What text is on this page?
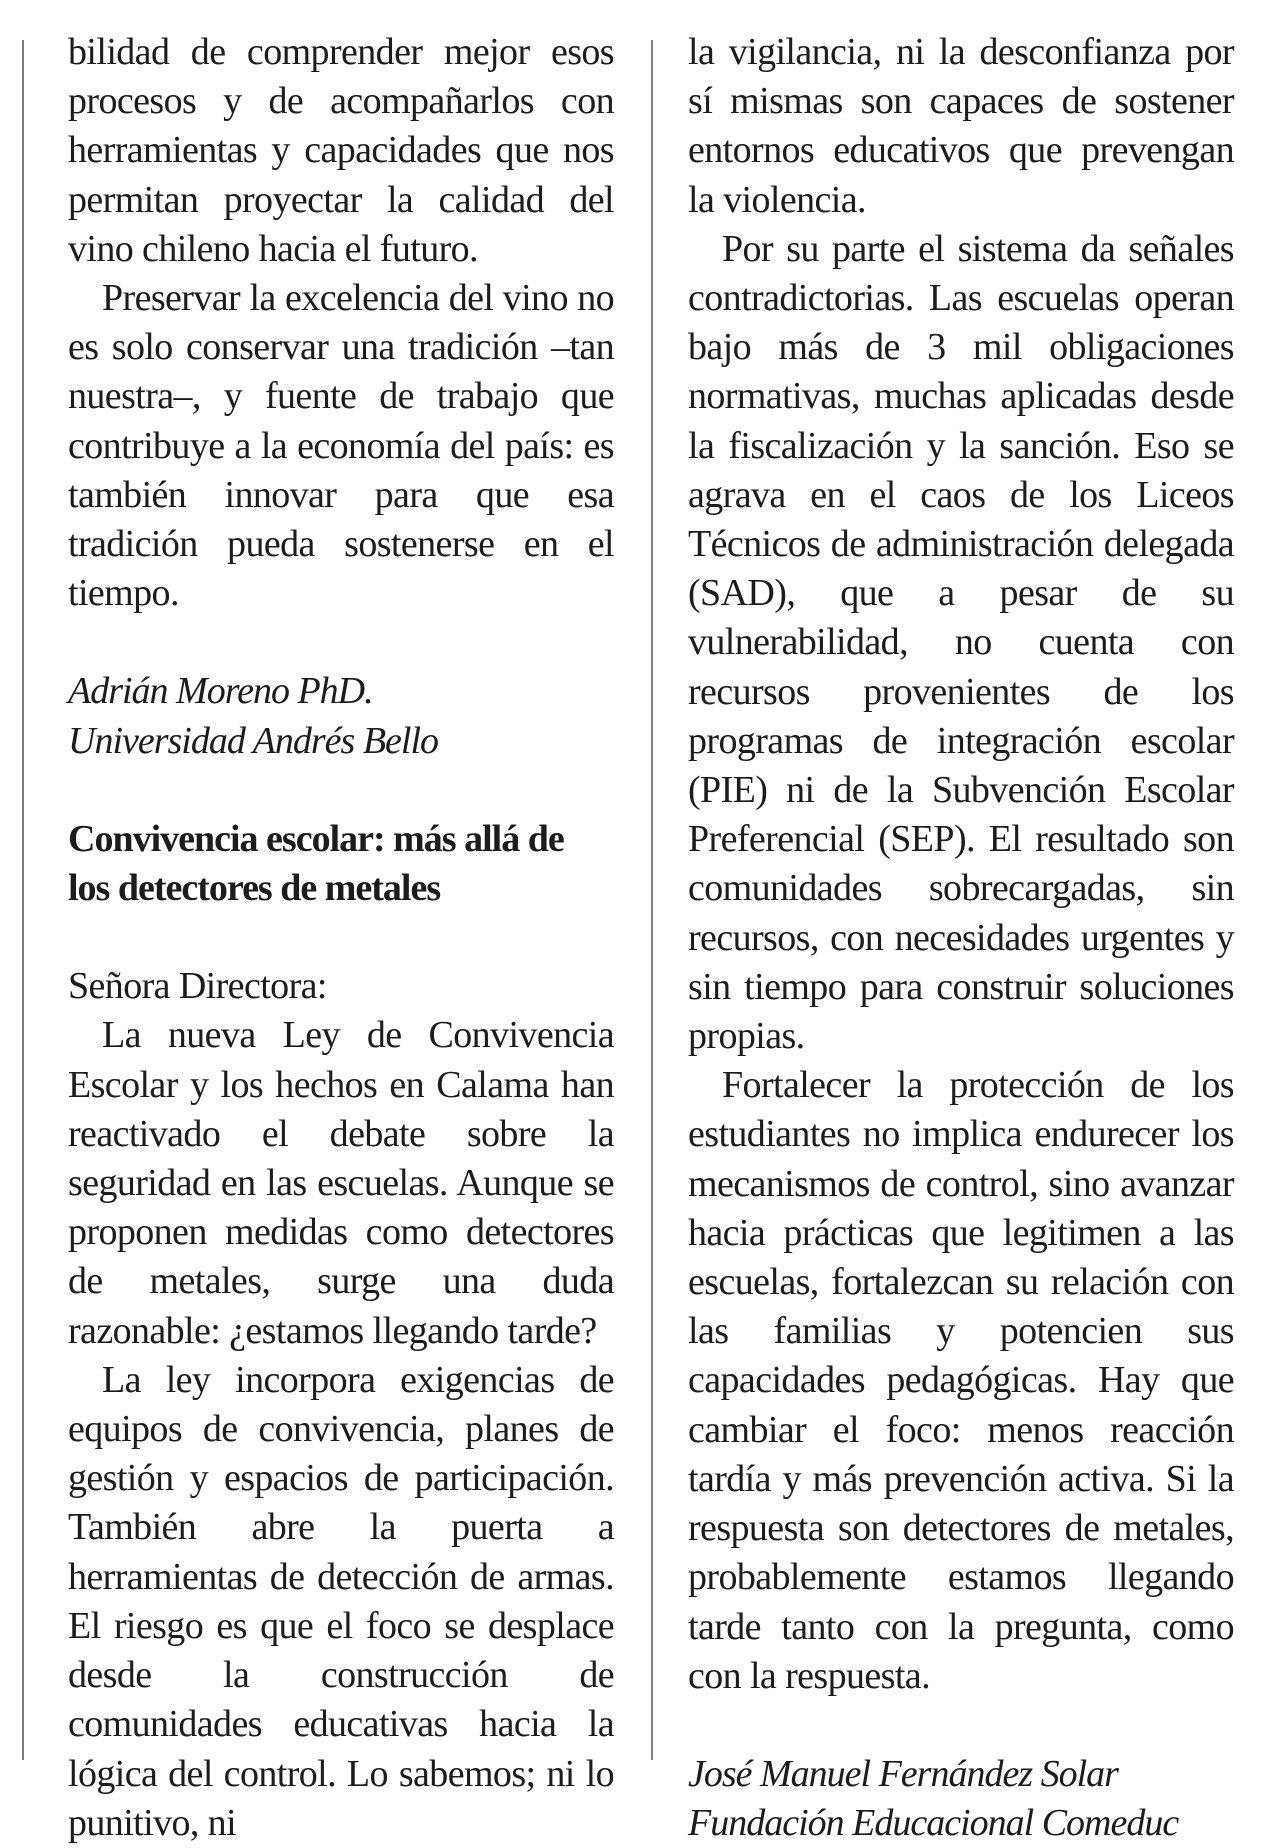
bilidad de comprender mejor esos procesos y de acompañarlos con herramientas y capacidades que nos permitan proyectar la calidad del vino chileno hacia el futuro.

Preservar la excelencia del vino no es solo conservar una tradición –tan nuestra–, y fuente de trabajo que contribuye a la economía del país: es también innovar para que esa tradición pueda sostenerse en el tiempo.

Adrián Moreno PhD.

Universidad Andrés Bello

Convivencia escolar: más allá de

los detectores de metales

Señora Directora:

La nueva Ley de Convivencia Escolar y los hechos en Calama han reactivado el debate sobre la seguridad en las escuelas. Aunque se proponen medidas como detectores de metales, surge una duda razonable: ¿estamos llegando tarde?

La ley incorpora exigencias de equipos de convivencia, planes de gestión y espacios de participación. También abre la puerta a herramientas de detección de armas. El riesgo es que el foco se desplace desde la construcción de comunidades educativas hacia la lógica del control. Lo sabemos; ni lo punitivo, ni

la vigilancia, ni la desconfianza por sí mismas son capaces de sostener entornos educativos que prevengan la violencia.

Por su parte el sistema da señales contradictorias. Las escuelas operan bajo más de 3 mil obligaciones normativas, muchas aplicadas desde la fiscalización y la sanción. Eso se agrava en el caos de los Liceos Técnicos de administración delegada (SAD), que a pesar de su vulnerabilidad, no cuenta con recursos provenientes de los programas de integración escolar (PIE) ni de la Subvención Escolar Preferencial (SEP). El resultado son comunidades sobrecargadas, sin recursos, con necesidades urgentes y sin tiempo para construir soluciones propias.

Fortalecer la protección de los estudiantes no implica endurecer los mecanismos de control, sino avanzar hacia prácticas que legitimen a las escuelas, fortalezcan su relación con las familias y potencien sus capacidades pedagógicas. Hay que cambiar el foco: menos reacción tardía y más prevención activa. Si la respuesta son detectores de metales, probablemente estamos llegando tarde tanto con la pregunta, como con la respuesta.

José Manuel Fernández Solar

Fundación Educacional Comeduc
